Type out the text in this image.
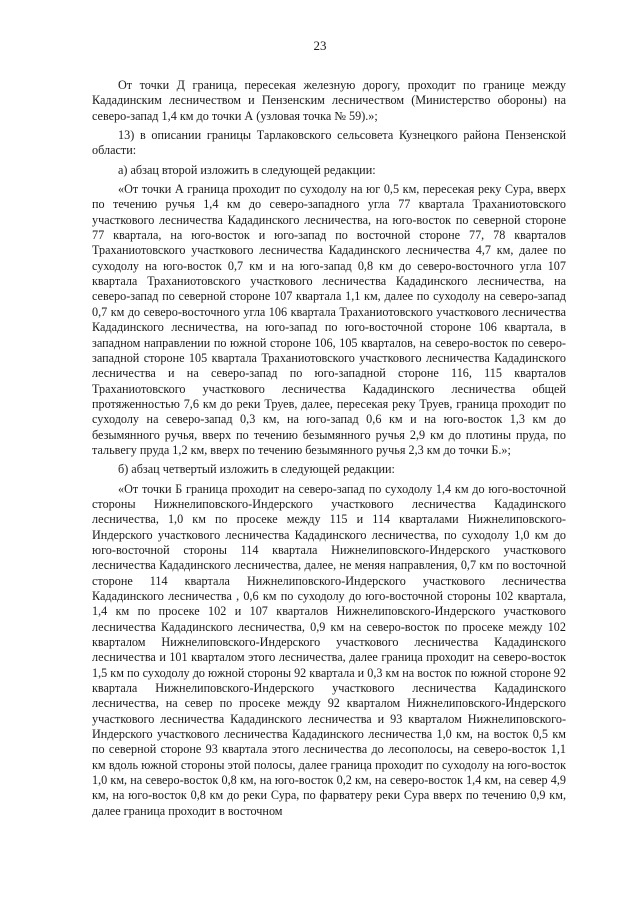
23

От точки Д граница, пересекая железную дорогу, проходит по границе между Кададинским лесничеством и Пензенским лесничеством (Министерство обороны) на северо-запад 1,4 км до точки А (узловая точка № 59).»;

13) в описании границы Тарлаковского сельсовета Кузнецкого района Пензенской области:

а) абзац второй изложить в следующей редакции:

«От точки А граница проходит по суходолу на юг 0,5 км, пересекая реку Сура, вверх по течению ручья 1,4 км до северо-западного угла 77 квартала Трахaниотовского участкового лесничества Кададинского лесничества, на юго-восток по северной стороне 77 квартала, на юго-восток и юго-запад по восточной стороне 77, 78 кварталов Трахaниотовского участкового лесничества Кададинского лесничества 4,7 км, далее по суходолу на юго-восток 0,7 км и на юго-запад 0,8 км до северо-восточного угла 107 квартала Трахaниотовского участкового лесничества Кададинского лесничества, на северо-запад по северной стороне 107 квартала 1,1 км, далее по суходолу на северо-запад 0,7 км до северо-восточного угла 106 квартала Трахaниотовского участкового лесничества Кададинского лесничества, на юго-запад по юго-восточной стороне 106 квартала, в западном направлении по южной стороне 106, 105 кварталов, на северо-восток по северо-западной стороне 105 квартала Трахaниотовского участкового лесничества Кададинского лесничества и на северо-запад по юго-западной стороне 116, 115 кварталов Трахaниотовского участкового лесничества Кададинского лесничества общей протяженностью 7,6 км до реки Труев, далее, пересекая реку Труев, граница проходит по суходолу на северо-запад 0,3 км, на юго-запад 0,6 км и на юго-восток 1,3 км до безымянного ручья, вверх по течению безымянного ручья 2,9 км до плотины пруда, по тальвегу пруда 1,2 км, вверх по течению безымянного ручья 2,3 км до точки Б.»;

б) абзац четвертый изложить в следующей редакции:

«От точки Б граница проходит на северо-запад по суходолу 1,4 км до юго-восточной стороны Нижнелиповского-Индерского участкового лесничества Кададинского лесничества, 1,0 км по просеке между 115 и 114 кварталами Нижнелиповского-Индерского участкового лесничества Кададинского лесничества, по суходолу 1,0 км до юго-восточной стороны 114 квартала Нижнелиповского-Индерского участкового лесничества Кададинского лесничества, далее, не меняя направления, 0,7 км по восточной стороне 114 квартала Нижнелиповского-Индерского участкового лесничества Кададинского лесничества , 0,6 км по суходолу до юго-восточной стороны 102 квартала, 1,4 км по просеке 102 и 107 кварталов Нижнелиповского-Индерского участкового лесничества Кададинского лесничества, 0,9 км на северо-восток по просеке между 102 кварталом Нижнелиповского-Индерского участкового лесничества Кададинского лесничества и 101 кварталом этого лесничества, далее граница проходит на северо-восток 1,5 км по суходолу до южной стороны 92 квартала и 0,3 км на восток по южной стороне 92 квартала Нижнелиповского-Индерского участкового лесничества Кададинского лесничества, на север по просеке между 92 кварталом Нижнелиповского-Индерского участкового лесничества Кададинского лесничества и 93 кварталом Нижнелиповского-Индерского участкового лесничества Кададинского лесничества 1,0 км, на восток 0,5 км по северной стороне 93 квартала этого лесничества до лесополосы, на северо-восток 1,1 км вдоль южной стороны этой полосы, далее граница проходит по суходолу на юго-восток 1,0 км, на северо-восток 0,8 км, на юго-восток 0,2 км, на северо-восток 1,4 км, на север 4,9 км, на юго-восток 0,8 км до реки Сура, по фарватеру реки Сура вверх по течению 0,9 км, далее граница проходит в восточном
